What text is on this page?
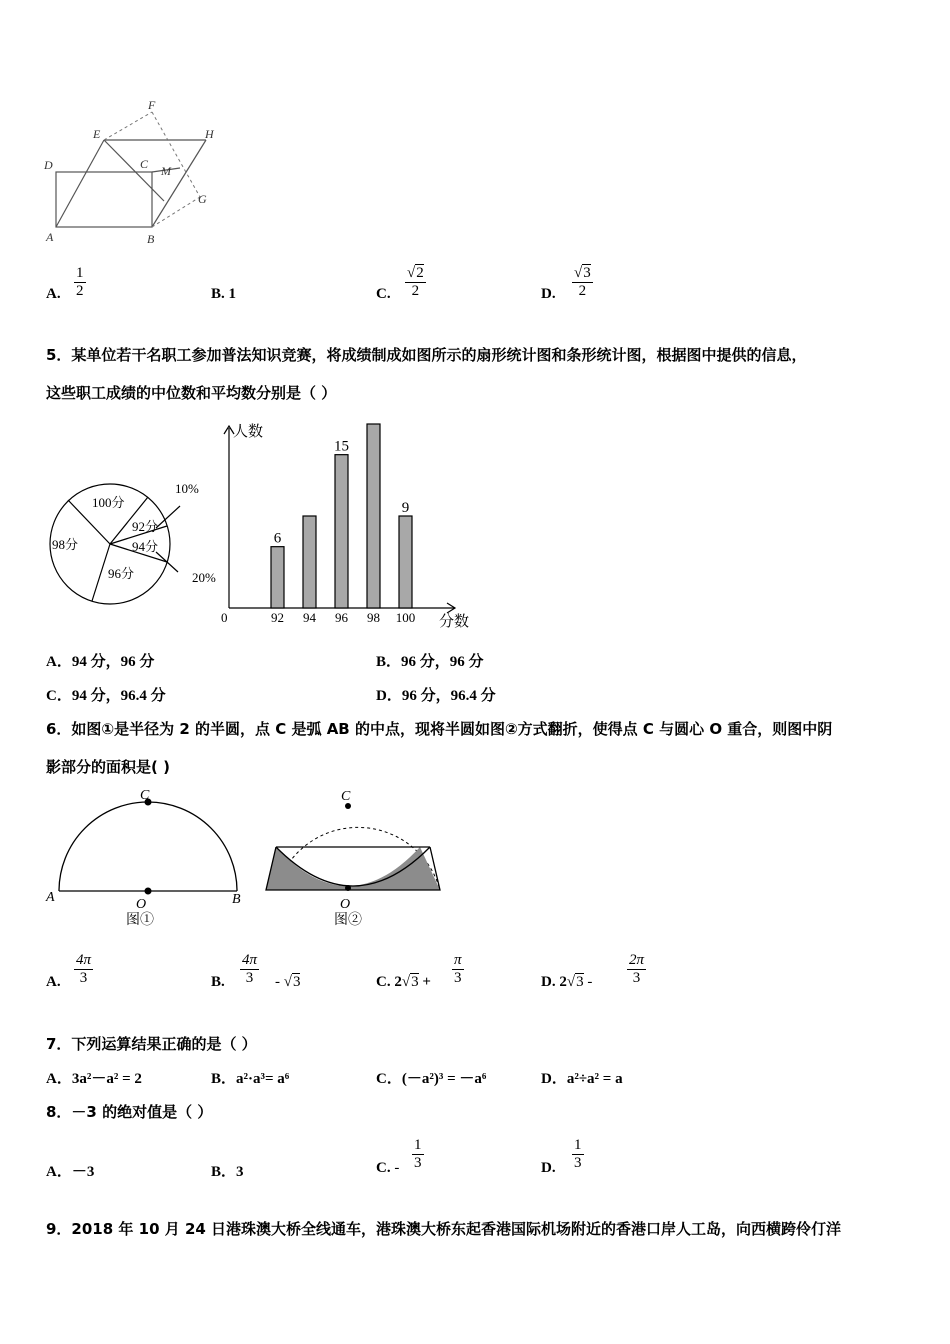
D
A	B
C
E
F
H
M
G
A. $\frac{1}{2}$	B. 1	C. $\frac{√2}{2}$	D. $\frac{√3}{2}$
5．某单位若干名职工参加普法知识竞赛，将成绩制成如图所示的扇形统计图和条形统计图，根据图中提供的信息，
这些职工成绩的中位数和平均数分别是（ ）
100分
92分
94分
98分
96分
10%
20%
人数
分数
0	92
6
94 96
15
98 100
9
A．94 分，96 分	B．96 分，96 分
C．94 分，96.4 分	D．96 分，96.4 分
6．如图①是半径为 2 的半圆，点 C 是弧 AB 的中点，现将半圆如图②方式翻折，使得点 C 与圆心 O 重合，则图中阴
影部分的面积是( )
C
O
A	B
图①
C
O
图②
A. $\frac{4\pi}{3}$	B. $\frac{4\pi}{3} - √3$	C. $2√3 + \frac{\pi}{3}$	D. $2√3 - \frac{2\pi}{3}$
7．下列运算结果正确的是（ ）
A．3a²－a² = 2	B．a²·a³= a⁶	C．(－a²)³ = －a⁶	D．a²÷a² = a
8．－3 的绝对值是（ ）
A．－3	B．3	C. - $\frac{1}{3}$	D. $\frac{1}{3}$
9．2018 年 10 月 24 日港珠澳大桥全线通车，港珠澳大桥东起香港国际机场附近的香港口岸人工岛，向西横跨伶仃洋
